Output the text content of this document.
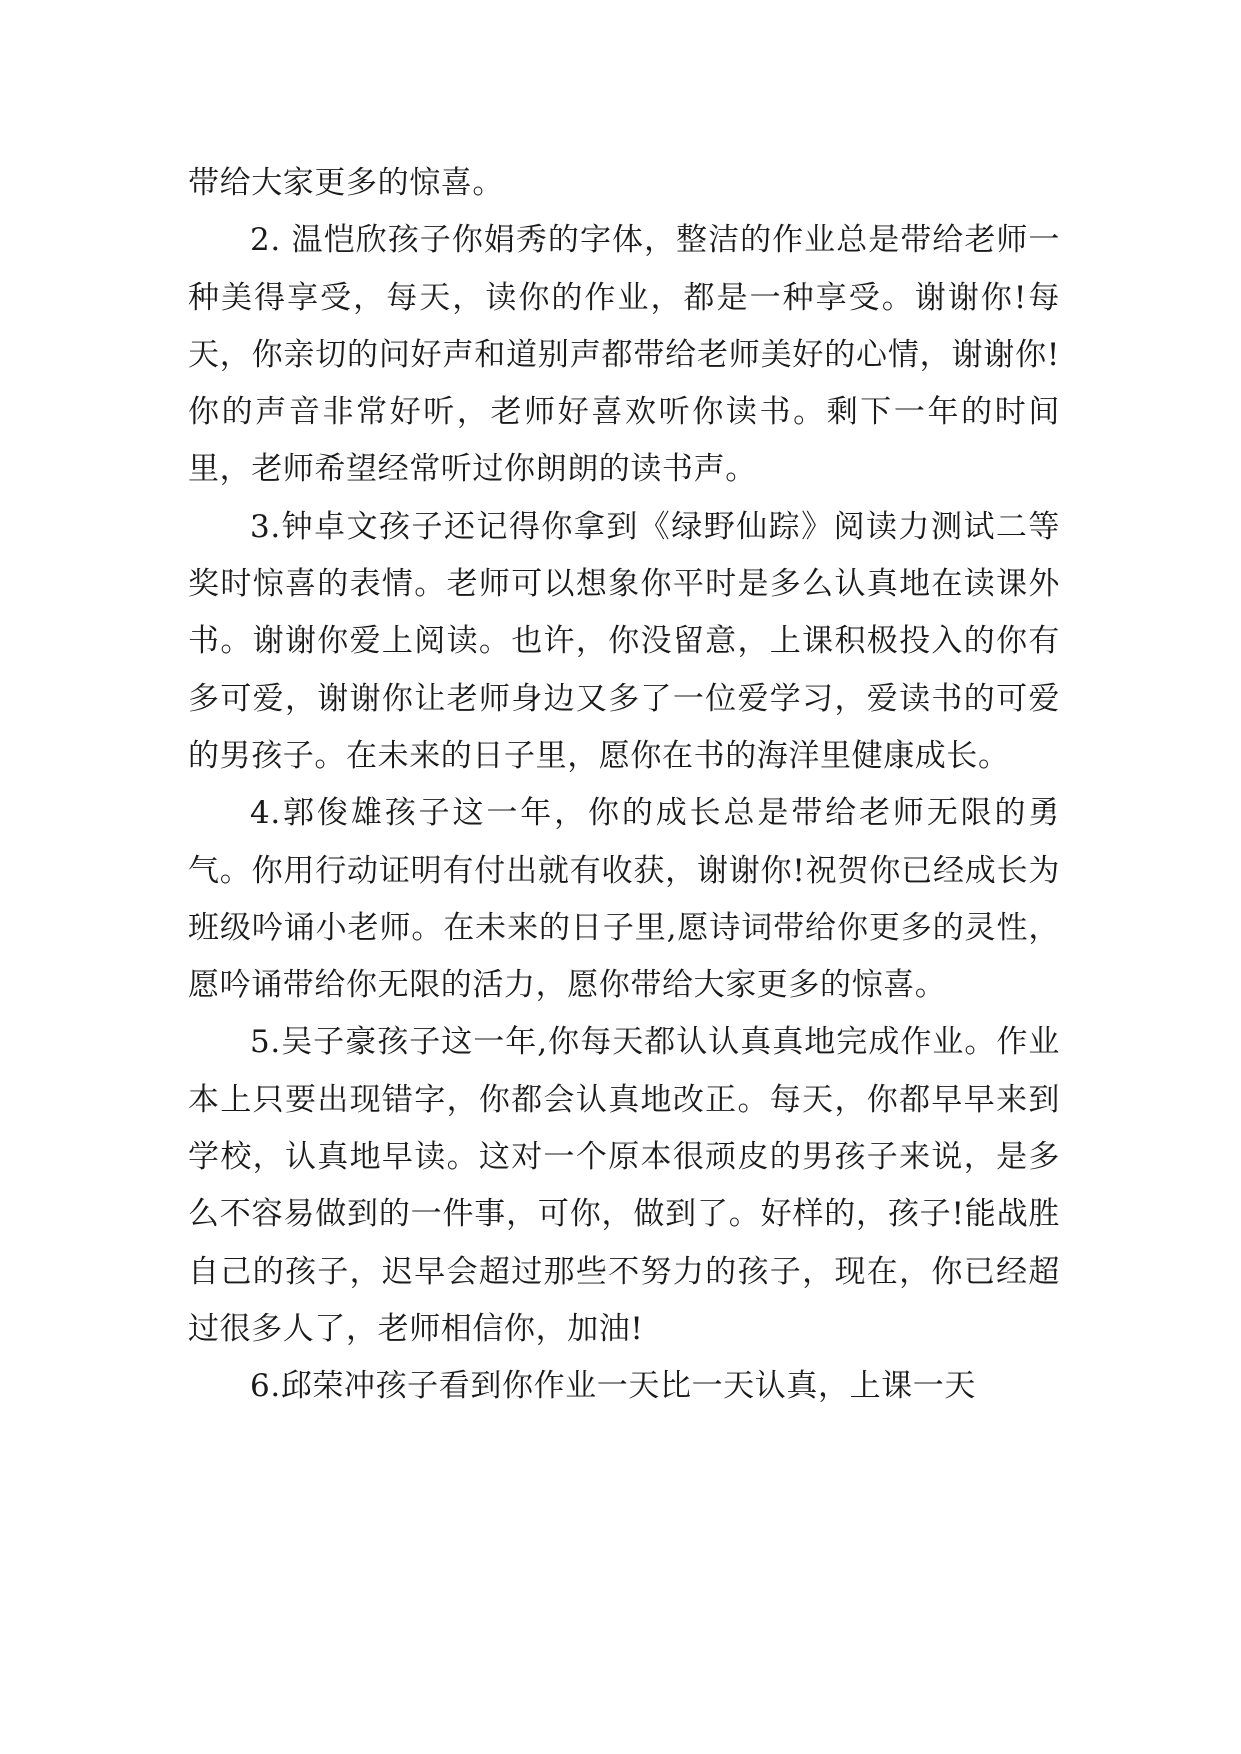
带给大家更多的惊喜。

2. 温恺欣孩子你娟秀的字体，整洁的作业总是带给老师一种美得享受，每天，读你的作业，都是一种享受。谢谢你!每天，你亲切的问好声和道别声都带给老师美好的心情，谢谢你!你的声音非常好听，老师好喜欢听你读书。剩下一年的时间里，老师希望经常听过你朗朗的读书声。

3.钟卓文孩子还记得你拿到《绿野仙踪》阅读力测试二等奖时惊喜的表情。老师可以想象你平时是多么认真地在读课外书。谢谢你爱上阅读。也许，你没留意，上课积极投入的你有多可爱，谢谢你让老师身边又多了一位爱学习，爱读书的可爱的男孩子。在未来的日子里，愿你在书的海洋里健康成长。

4.郭俊雄孩子这一年，你的成长总是带给老师无限的勇气。你用行动证明有付出就有收获，谢谢你!祝贺你已经成长为班级吟诵小老师。在未来的日子里,愿诗词带给你更多的灵性，愿吟诵带给你无限的活力，愿你带给大家更多的惊喜。

5.吴子豪孩子这一年,你每天都认认真真地完成作业。作业本上只要出现错字，你都会认真地改正。每天，你都早早来到学校，认真地早读。这对一个原本很顽皮的男孩子来说，是多么不容易做到的一件事，可你，做到了。好样的，孩子!能战胜自己的孩子，迟早会超过那些不努力的孩子，现在，你已经超过很多人了，老师相信你，加油!

6.邱荣冲孩子看到你作业一天比一天认真，上课一天
